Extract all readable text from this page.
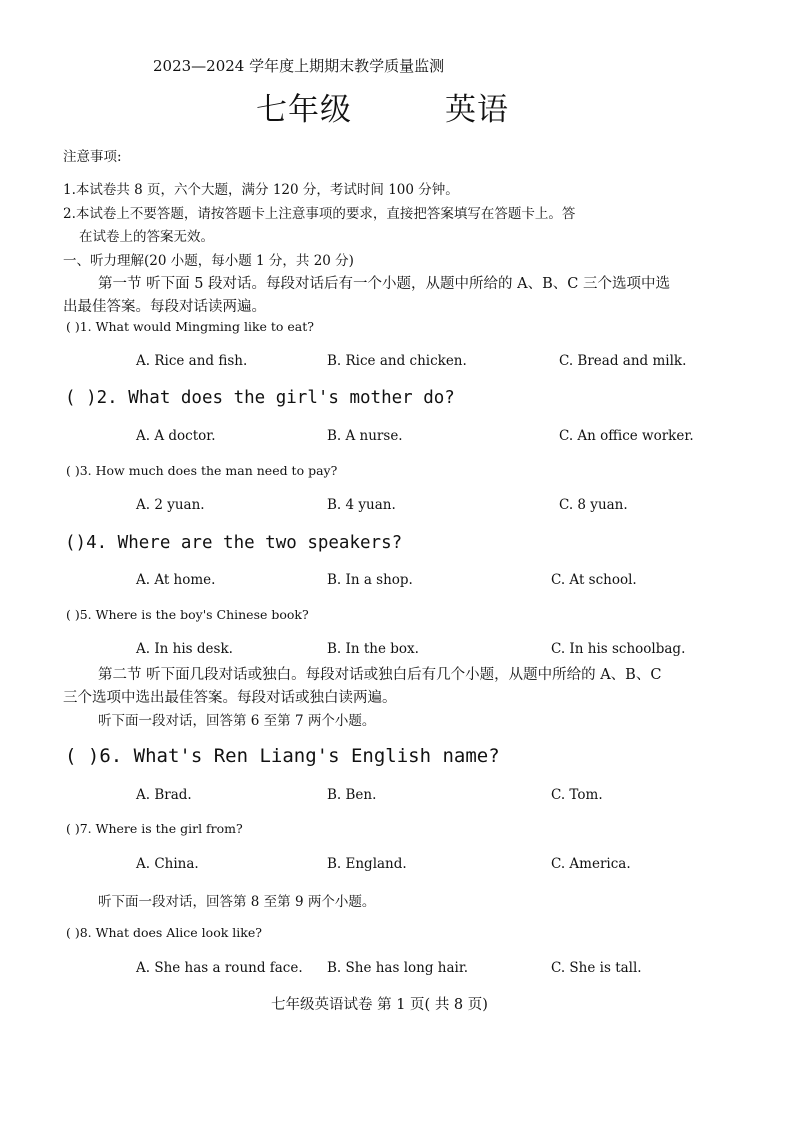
2023—2024 学年度上期期末教学质量监测
七年级	英语
注意事项:
1.本试卷共 8 页，六个大题，满分 120 分，考试时间 100 分钟。
2.本试卷上不要答题，请按答题卡上注意事项的要求，直接把答案填写在答题卡上。答
在试卷上的答案无效。
一、听力理解(20 小题，每小题 1 分，共 20 分)
第一节 听下面 5 段对话。每段对话后有一个小题，从题中所给的 A、B、C 三个选项中选
出最佳答案。每段对话读两遍。
( )1. What would Mingming like to eat?
A. Rice and fish.	B. Rice and chicken.	C. Bread and milk.
( )2. What does the girl's mother do?
A. A doctor.	B. A nurse.	C. An office worker.
( )3. How much does the man need to pay?
A. 2 yuan.	B. 4 yuan.	C. 8 yuan.
()4. Where are the two speakers?
A. At home.	B. In a shop.	C. At school.
( )5. Where is the boy's Chinese book?
A. In his desk.	B. In the box.	C. In his schoolbag.
第二节 听下面几段对话或独白。每段对话或独白后有几个小题，从题中所给的 A、B、C
三个选项中选出最佳答案。每段对话或独白读两遍。
听下面一段对话，回答第 6 至第 7 两个小题。
( )6. What's Ren Liang's English name?
A. Brad.	B. Ben.	C. Tom.
( )7. Where is the girl from?
A. China.	B. England.	C. America.
听下面一段对话，回答第 8 至第 9 两个小题。
( )8. What does Alice look like?
A. She has a round face. B. She has long hair.	C. She is tall.
七年级英语试卷 第 1 页( 共 8 页)
